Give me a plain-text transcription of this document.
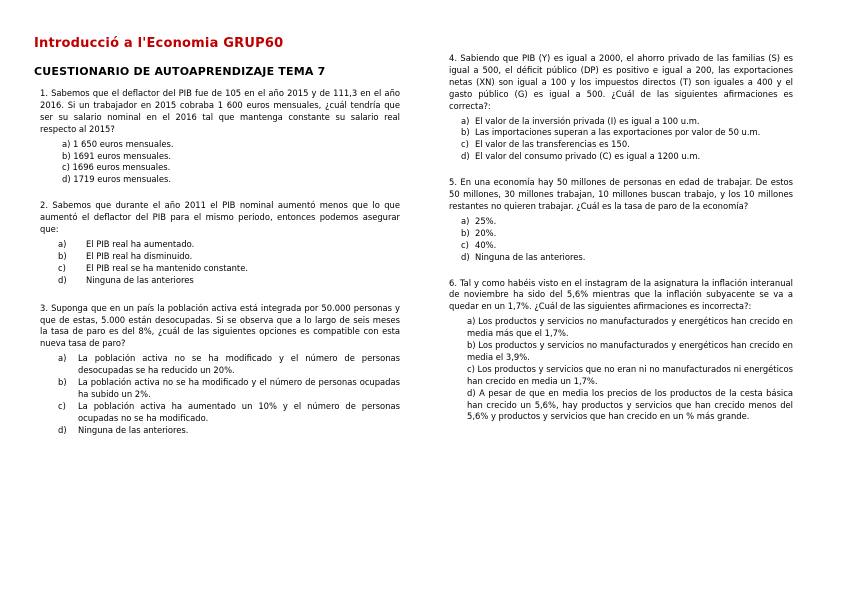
Introducció a l'Economia GRUP60
CUESTIONARIO DE AUTOAPRENDIZAJE TEMA 7

1. Sabemos que el deflactor del PIB fue de 105 en el año 2015 y de 111,3 en el año 2016. Si un trabajador en 2015 cobraba 1 600 euros mensuales, ¿cuál tendría que ser su salario nominal en el 2016 tal que mantenga constante su salario real respecto al 2015?

a) 1 650 euros mensuales.
b) 1691 euros mensuales.
c) 1696 euros mensuales.
d) 1719 euros mensuales.

2. Sabemos que durante el año 2011 el PIB nominal aumentó menos que lo que aumentó el deflactor del PIB para el mismo periodo, entonces podemos asegurar que:

a)	El PIB real ha aumentado.
b)	El PIB real ha disminuido.
c)	El PIB real se ha mantenido constante.
d)	Ninguna de las anteriores

3. Suponga que en un país la población activa está integrada por 50.000 personas y que de estas, 5.000 están desocupadas. Si se observa que a lo largo de seis meses la tasa de paro es del 8%, ¿cuál de las siguientes opciones es compatible con esta nueva tasa de paro?

a)	La población activa no se ha modificado y el número de personas desocupadas se ha reducido un 20%.
b)	La población activa no se ha modificado y el número de personas ocupadas ha subido un 2%.
c)	La población activa ha aumentado un 10% y el número de personas ocupadas no se ha modificado.
d)	Ninguna de las anteriores.

4. Sabiendo que PIB (Y) es igual a 2000, el ahorro privado de las familias (S) es igual a 500, el déficit público (DP) es positivo e igual a 200, las exportaciones netas (XN) son igual a 100 y los impuestos directos (T) son iguales a 400 y el gasto público (G) es igual a 500. ¿Cuál de las siguientes afirmaciones es correcta?:

a) El valor de la inversión privada (I) es igual a 100 u.m.
b) Las importaciones superan a las exportaciones por valor de 50 u.m.
c) El valor de las transferencias es 150.
d) El valor del consumo privado (C) es igual a 1200 u.m.

5. En una economía hay 50 millones de personas en edad de trabajar. De estos 50 millones, 30 millones trabajan, 10 millones buscan trabajo, y los 10 millones restantes no quieren trabajar. ¿Cuál es la tasa de paro de la economía?

a) 25%.
b) 20%.
c) 40%.
d) Ninguna de las anteriores.

6. Tal y como habéis visto en el instagram de la asignatura la inflación interanual de noviembre ha sido del 5,6% mientras que la inflación subyacente se va a quedar en un 1,7%. ¿Cuál de las siguientes afirmaciones es incorrecta?:

a) Los productos y servicios no manufacturados y energéticos han crecido en media más que el 1,7%.
b) Los productos y servicios no manufacturados y energéticos han crecido en media el 3,9%.
c) Los productos y servicios que no eran ni no manufacturados ni energéticos han crecido en media un 1,7%.
d) A pesar de que en media los precios de los productos de la cesta básica han crecido un 5,6%, hay productos y servicios que han crecido menos del 5,6% y productos y servicios que han crecido en un % más grande.
